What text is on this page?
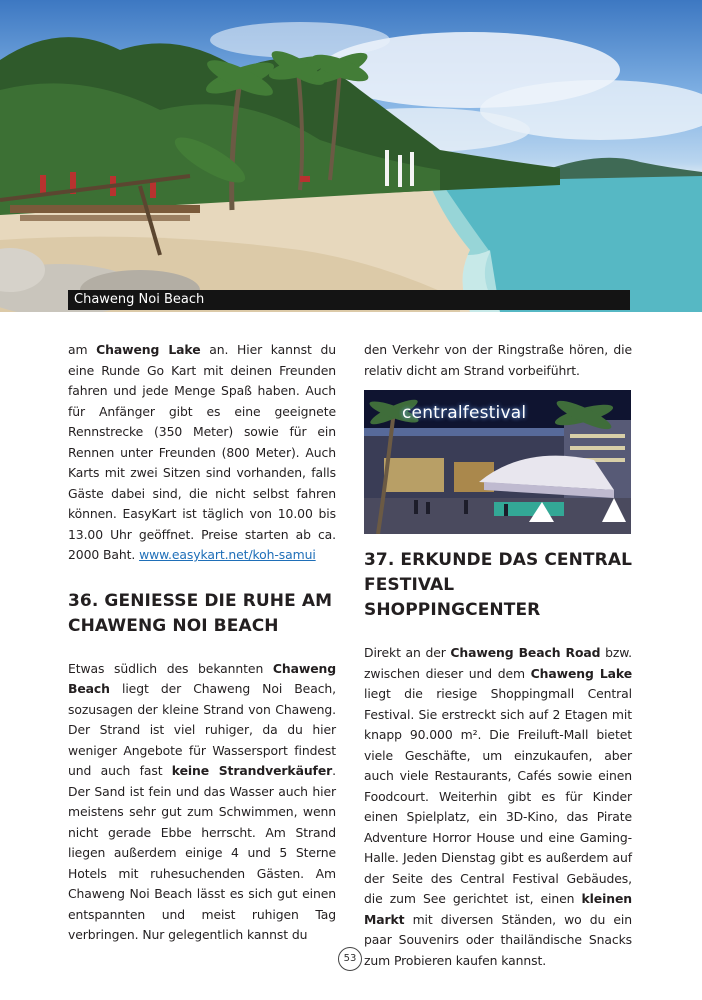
Chaweng Noi Beach

am Chaweng Lake an. Hier kannst du eine Runde Go Kart mit deinen Freunden fahren und jede Menge Spaß haben. Auch für Anfänger gibt es eine geeignete Rennstrecke (350 Meter) sowie für ein Rennen unter Freunden (800 Meter). Auch Karts mit zwei Sitzen sind vorhanden, falls Gäste dabei sind, die nicht selbst fahren können. EasyKart ist täglich von 10.00 bis 13.00 Uhr geöffnet. Preise starten ab ca. 2000 Baht. www.easykart.net/koh-samui

36. GENIESSE DIE RUHE AM CHAWENG NOI BEACH

Etwas südlich des bekannten Chaweng Beach liegt der Chaweng Noi Beach, sozusagen der kleine Strand von Chaweng. Der Strand ist viel ruhiger, da du hier weniger Angebote für Wassersport findest und auch fast keine Strandverkäufer. Der Sand ist fein und das Wasser auch hier meistens sehr gut zum Schwimmen, wenn nicht gerade Ebbe herrscht. Am Strand liegen außerdem einige 4 und 5 Sterne Hotels mit ruhesuchenden Gästen. Am Chaweng Noi Beach lässt es sich gut einen entspannten und meist ruhigen Tag verbringen. Nur gelegentlich kannst du

den Verkehr von der Ringstraße hören, die relativ dicht am Strand vorbeiführt.

centralfestival
37. ERKUNDE DAS CENTRAL FESTIVAL SHOPPINGCENTER

Direkt an der Chaweng Beach Road bzw. zwischen dieser und dem Chaweng Lake liegt die riesige Shoppingmall Central Festival. Sie erstreckt sich auf 2 Etagen mit knapp 90.000 m². Die Freiluft-Mall bietet viele Geschäfte, um einzukaufen, aber auch viele Restaurants, Cafés sowie einen Foodcourt. Weiterhin gibt es für Kinder einen Spielplatz, ein 3D-Kino, das Pirate Adventure Horror House und eine Gaming-Halle. Jeden Dienstag gibt es außerdem auf der Seite des Central Festival Gebäudes, die zum See gerichtet ist, einen kleinen Markt mit diversen Ständen, wo du ein paar Souvenirs oder thailändische Snacks zum Probieren kaufen kannst.

53
